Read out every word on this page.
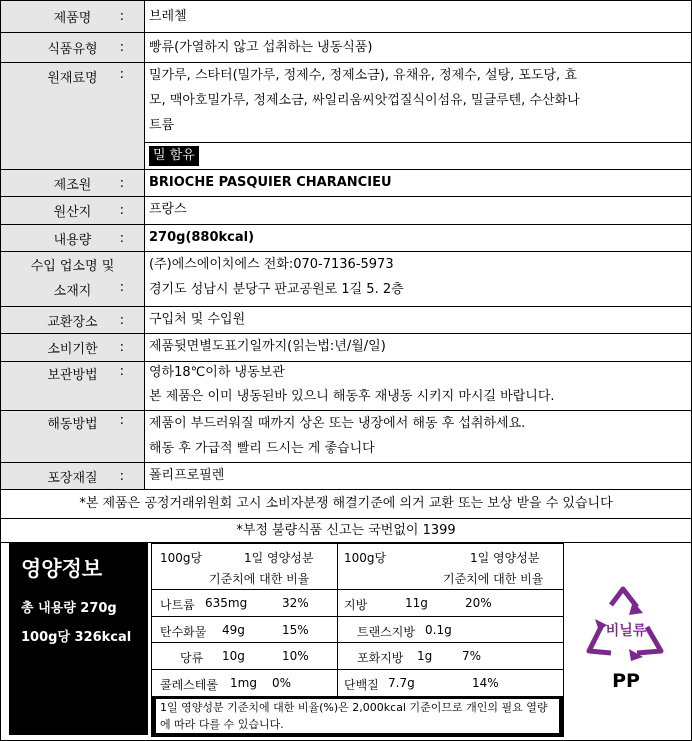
제품명 : 브레첼
식품유형 : 빵류(가열하지 않고 섭취하는 냉동식품)
원재료명	: 밀가루, 스타터(밀가루, 정제수, 정제소금), 유채유, 정제수, 설탕, 포도당, 효
모, 맥아호밀가루, 정제소금, 싸일리움씨앗껍질식이섬유, 밀글루텐, 수산화나
트륨
밀 함유
제조원 : BRIOCHE PASQUIER CHARANCIEU
원산지 : 프랑스
내용량 : 270g(880kcal)
수입 업소명 및
소재지	:
(주)에스에이치에스 전화:070-7136-5973
경기도 성남시 분당구 판교공원로 1길 5. 2층
교환장소 : 구입처 및 수입원
소비기한 : 제품뒷면별도표기일까지(읽는법:년/월/일)
보관방법	: 영하18℃이하 냉동보관
본 제품은 이미 냉동된바 있으니 해동후 재냉동 시키지 마시길 바랍니다.
해동방법	: 제품이 부드러워질 때까지 상온 또는 냉장에서 해동 후 섭취하세요.
해동 후 가급적 빨리 드시는 게 좋습니다
포장재질 : 폴리프로필렌
*본 제품은 공정거래위원회 고시 소비자분쟁 해결기준에 의거 교환 또는 보상 받을 수 있습니다
*부정 불량식품 신고는 국번없이 1399
영양정보
총 내용량 270g
100g당 326kcal
100g당	1일 영양성분
기준치에 대한 비율
100g당	1일 영양성분
기준치에 대한 비율
나트륨 635mg	32%
탄수화물 49g	15%
당류 10g	10%
콜레스테롤 1mg 0%
지방	11g	20%
트랜스지방 0.1g
포화지방 1g 7%
단백질 7.7g	14%
1일 영양성분 기준치에 대한 비율(%)은 2,000kcal 기준이므로 개인의 필요 열량에 따라 다를 수 있습니다.
비닐류
PP
